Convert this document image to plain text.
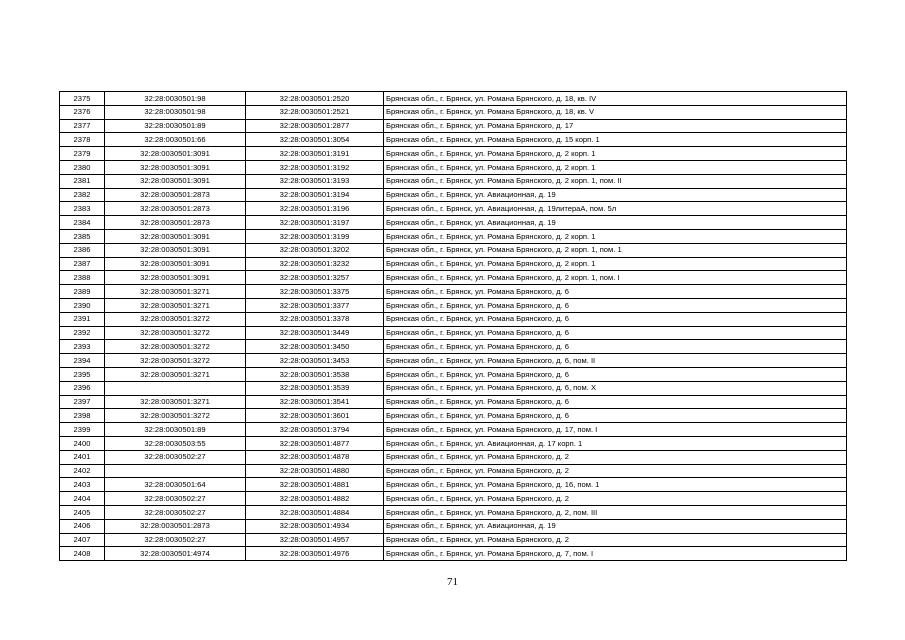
2375	32:28:0030501:98	32:28:0030501:2520	Брянская обл., г. Брянск, ул. Романа Брянского, д. 18, кв. IV
2376	32:28:0030501:98	32:28:0030501:2521	Брянская обл., г. Брянск, ул. Романа Брянского, д. 18, кв. V
2377	32:28:0030501:89	32:28:0030501:2877	Брянская обл., г. Брянск, ул. Романа Брянского, д. 17
2378	32:28:0030501:66	32:28:0030501:3054	Брянская обл., г. Брянск, ул. Романа Брянского, д. 15 корп. 1
2379	32:28:0030501:3091	32:28:0030501:3191	Брянская обл., г. Брянск, ул. Романа Брянского, д. 2 корп. 1
2380	32:28:0030501:3091	32:28:0030501:3192	Брянская обл., г. Брянск, ул. Романа Брянского, д. 2 корп. 1
2381	32:28:0030501:3091	32:28:0030501:3193	Брянская обл., г. Брянск, ул. Романа Брянского, д. 2 корп. 1, пом. II
2382	32:28:0030501:2873	32:28:0030501:3194	Брянская обл., г. Брянск, ул. Авиационная, д. 19
2383	32:28:0030501:2873	32:28:0030501:3196	Брянская обл., г. Брянск, ул. Авиационная, д. 19литераА, пом. 5л
2384	32:28:0030501:2873	32:28:0030501:3197	Брянская обл., г. Брянск, ул. Авиационная, д. 19
2385	32:28:0030501:3091	32:28:0030501:3199	Брянская обл., г. Брянск, ул. Романа Брянского, д. 2 корп. 1
2386	32:28:0030501:3091	32:28:0030501:3202	Брянская обл., г. Брянск, ул. Романа Брянского, д. 2 корп. 1, пом. 1
2387	32:28:0030501:3091	32:28:0030501:3232	Брянская обл., г. Брянск, ул. Романа Брянского, д. 2 корп. 1
2388	32:28:0030501:3091	32:28:0030501:3257	Брянская обл., г. Брянск, ул. Романа Брянского, д. 2 корп. 1, пом. I
2389	32:28:0030501:3271	32:28:0030501:3375	Брянская обл., г. Брянск, ул. Романа Брянского, д. 6
2390	32:28:0030501:3271	32:28:0030501:3377	Брянская обл., г. Брянск, ул. Романа Брянского, д. 6
2391	32:28:0030501:3272	32:28:0030501:3378	Брянская обл., г. Брянск, ул. Романа Брянского, д. 6
2392	32:28:0030501:3272	32:28:0030501:3449	Брянская обл., г. Брянск, ул. Романа Брянского, д. 6
2393	32:28:0030501:3272	32:28:0030501:3450	Брянская обл., г. Брянск, ул. Романа Брянского, д. 6
2394	32:28:0030501:3272	32:28:0030501:3453	Брянская обл., г. Брянск, ул. Романа Брянского, д. 6, пом. II
2395	32:28:0030501:3271	32:28:0030501:3538	Брянская обл., г. Брянск, ул. Романа Брянского, д. 6
2396		32:28:0030501:3539	Брянская обл., г. Брянск, ул. Романа Брянского, д. 6, пом. X
2397	32:28:0030501:3271	32:28:0030501:3541	Брянская обл., г. Брянск, ул. Романа Брянского, д. 6
2398	32:28:0030501:3272	32:28:0030501:3601	Брянская обл., г. Брянск, ул. Романа Брянского, д. 6
2399	32:28:0030501:89	32:28:0030501:3794	Брянская обл., г. Брянск, ул. Романа Брянского, д. 17, пом. I
2400	32:28:0030503:55	32:28:0030501:4877	Брянская обл., г. Брянск, ул. Авиационная, д. 17 корп. 1
2401	32:28:0030502:27	32:28:0030501:4878	Брянская обл., г. Брянск, ул. Романа Брянского, д. 2
2402		32:28:0030501:4880	Брянская обл., г. Брянск, ул. Романа Брянского, д. 2
2403	32:28:0030501:64	32:28:0030501:4881	Брянская обл., г. Брянск, ул. Романа Брянского, д. 16, пом. 1
2404	32:28:0030502:27	32:28:0030501:4882	Брянская обл., г. Брянск, ул. Романа Брянского, д. 2
2405	32:28:0030502:27	32:28:0030501:4884	Брянская обл., г. Брянск, ул. Романа Брянского, д. 2, пом. III
2406	32:28:0030501:2873	32:28:0030501:4934	Брянская обл., г. Брянск, ул. Авиационная, д. 19
2407	32:28:0030502:27	32:28:0030501:4957	Брянская обл., г. Брянск, ул. Романа Брянского, д. 2
2408	32:28:0030501:4974	32:28:0030501:4976	Брянская обл., г. Брянск, ул. Романа Брянского, д. 7, пом. I
71
